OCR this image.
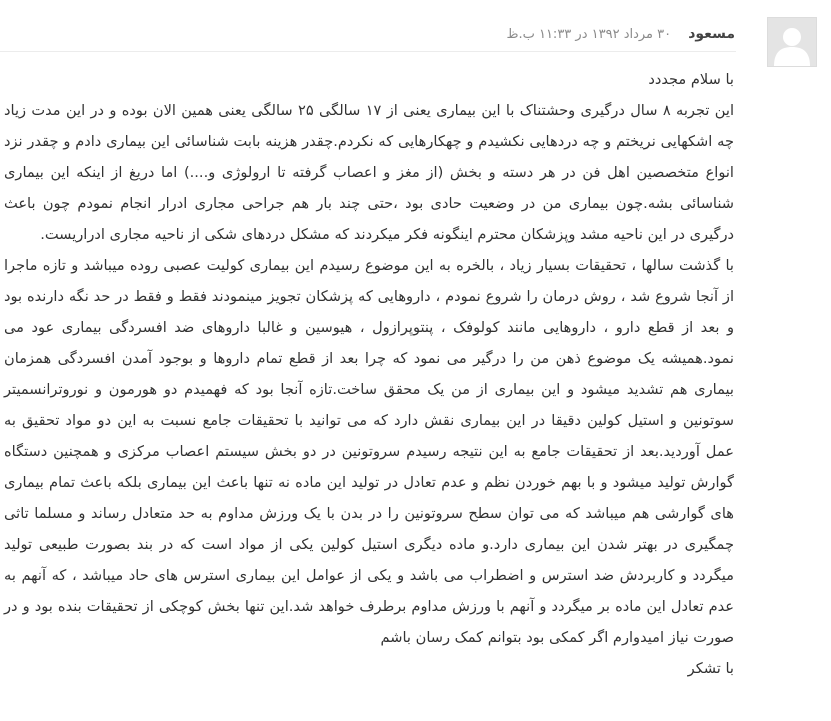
مسعود ۳۰ مرداد ۱۳۹۲ در ۱۱:۳۳ ب.ظ

با سلام مجددد

این تجربه ۸ سال درگیری وحشتناک با این بیماری یعنی از ۱۷ سالگی ۲۵ سالگی یعنی همین الان بوده و در این مدت زیاد چه اشکهایی نریختم و چه دردهایی نکشیدم و چهکارهایی که نکردم.چقدر هزینه بابت شناسائی این بیماری دادم و چقدر نزد انواع متخصصین اهل فن در هر دسته و بخش (از مغز و اعصاب گرفته تا ارولوژی و....) اما دریغ از اینکه این بیماری شناسائی بشه.چون بیماری من در وضعیت حادی بود ،حتی چند بار هم جراحی مجاری ادرار انجام نمودم چون باعث درگیری در این ناحیه مشد وپزشکان محترم اینگونه فکر میکردند که مشکل دردهای شکی از ناحیه مجاری ادراریست.

با گذشت سالها ، تحقیقات بسیار زیاد ، بالخره به این موضوع رسیدم این بیماری کولیت عصبی روده میباشد و تازه ماجرا از آنجا شروع شد ، روش درمان را شروع نمودم ، داروهایی که پزشکان تجویز مینمودند فقط و فقط در حد نگه دارنده بود و بعد از قطع دارو ، داروهایی مانند کولوفک ، پنتوپرازول ، هیوسین و غالبا داروهای ضد افسردگی بیماری عود می نمود.همیشه یک موضوع ذهن من را درگیر می نمود که چرا بعد از قطع تمام داروها و بوجود آمدن افسردگی همزمان بیماری هم تشدید میشود و این بیماری از من یک محقق ساخت.تازه آنجا بود که فهمیدم دو هورمون و نوروترانسمیتر سوتونین و استیل کولین دقیقا در این بیماری نقش دارد که می توانید با تحقیقات جامع نسبت به این دو مواد تحقیق به عمل آوردید.بعد از تحقیقات جامع به این نتیجه رسیدم سروتونین در دو بخش سیستم اعصاب مرکزی و همچنین دستگاه گوارش تولید میشود و با بهم خوردن نظم و عدم تعادل در تولید این ماده نه تنها باعث این بیماری بلکه باعث تمام بیماری های گوارشی هم میباشد که می توان سطح سروتونین را در بدن با یک ورزش مداوم به حد متعادل رساند و مسلما تاثی چمگیری در بهتر شدن این بیماری دارد.و ماده دیگری استیل کولین یکی از مواد است که در بند بصورت طبیعی تولید میگردد و کاربردش ضد استرس و اضطراب می باشد و یکی از عوامل این بیماری استرس های حاد میباشد ، که آنهم به عدم تعادل این ماده بر میگردد و آنهم با ورزش مداوم برطرف خواهد شد.این تنها بخش کوچکی از تحقیقات بنده بود و در صورت نیاز امیدوارم اگر کمکی بود بتوانم کمک رسان باشم

با تشکر
